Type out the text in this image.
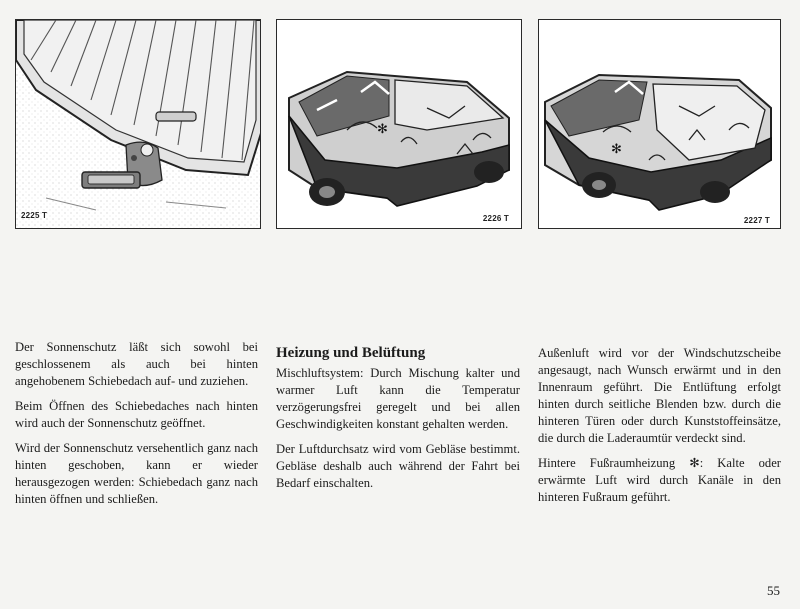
2225 T
✻
2226 T
✻
2227 T

Der Sonnenschutz läßt sich sowohl bei geschlossenem als auch bei hinten angehobenem Schiebedach auf- und zuziehen.

Beim Öffnen des Schiebedaches nach hinten wird auch der Sonnenschutz geöffnet.

Wird der Sonnenschutz versehentlich ganz nach hinten geschoben, kann er wieder herausgezogen werden: Schiebedach ganz nach hinten öffnen und schließen.

Heizung und Belüftung

Mischluftsystem: Durch Mischung kalter und warmer Luft kann die Temperatur verzögerungsfrei geregelt und bei allen Geschwindigkeiten konstant gehalten werden.

Der Luftdurchsatz wird vom Gebläse bestimmt. Gebläse deshalb auch während der Fahrt bei Bedarf einschalten.

Außenluft wird vor der Windschutzscheibe angesaugt, nach Wunsch erwärmt und in den Innenraum geführt. Die Entlüftung erfolgt hinten durch seitliche Blenden bzw. durch die hinteren Türen oder durch Kunststoffeinsätze, die durch die Laderaumtür verdeckt sind.

Hintere Fußraumheizung ✻: Kalte oder erwärmte Luft wird durch Kanäle in den hinteren Fußraum geführt.

55
